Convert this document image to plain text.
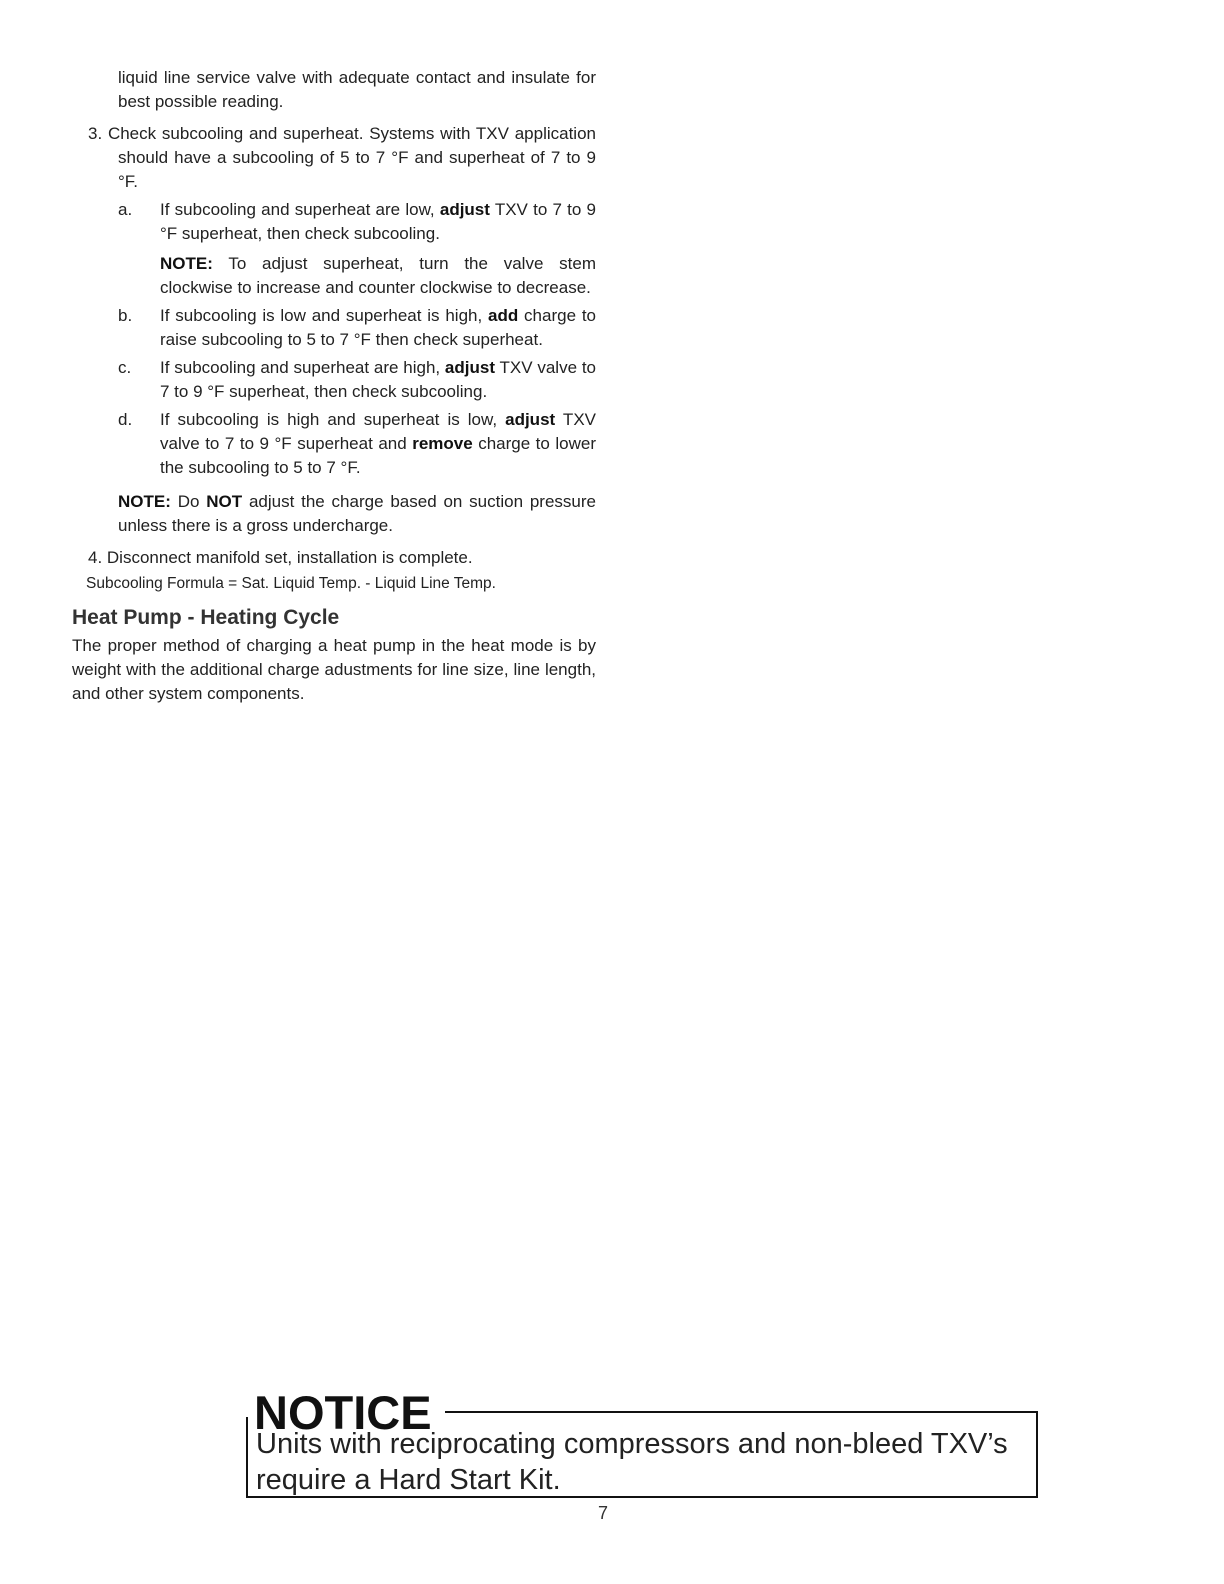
liquid line service valve with adequate contact and insulate for best possible reading.

3. Check subcooling and superheat. Systems with TXV application should have a subcooling of 5 to 7 °F and superheat of 7 to 9 °F.

a.	If subcooling and superheat are low, adjust TXV to 7 to 9 °F superheat, then check subcooling.

NOTE: To adjust superheat, turn the valve stem clockwise to increase and counter clockwise to decrease.

b.	If subcooling is low and superheat is high, add charge to raise subcooling to 5 to 7 °F then check superheat.
c.	If subcooling and superheat are high, adjust TXV valve to 7 to 9 °F superheat, then check subcooling.
d.	If subcooling is high and superheat is low, adjust TXV valve to 7 to 9 °F superheat and remove charge to lower the subcooling to 5 to 7 °F.

NOTE: Do NOT adjust the charge based on suction pressure unless there is a gross undercharge.

4. Disconnect manifold set, installation is complete.

Subcooling Formula = Sat. Liquid Temp. - Liquid Line Temp.

Heat Pump - Heating Cycle

The proper method of charging a heat pump in the heat mode is by weight with the additional charge adustments for line size, line length, and other system components.

NOTICE

Units with reciprocating compressors and non-bleed TXV’s require a Hard Start Kit.

7
